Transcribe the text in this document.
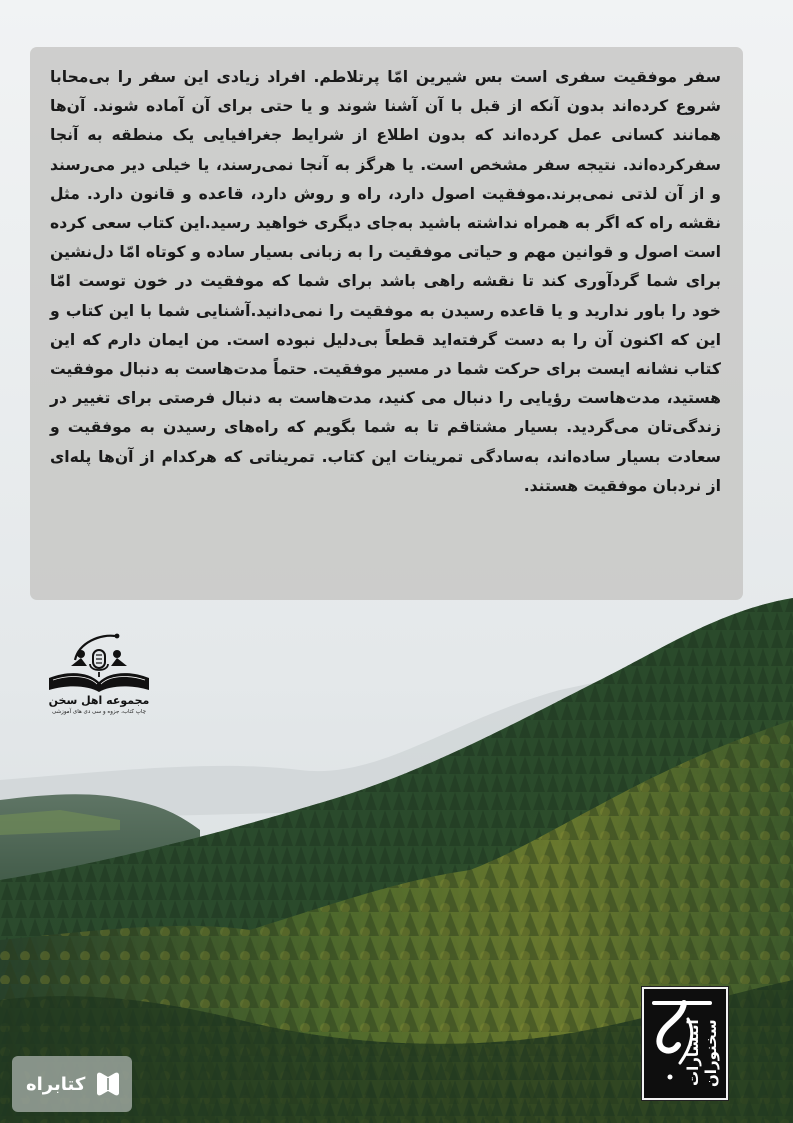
سفر موفقیت سفری است بس شیرین امّا پرتلاطم. افراد زیادی این سفر را بی‌محابا شروع کرده‌اند بدون آنکه از قبل با آن آشنا شوند و یا حتی برای آن آماده شوند. آن‌ها همانند کسانی عمل کرده‌اند که بدون اطلاع از شرایط جغرافیایی یک منطقه به آنجا سفرکرده‌اند. نتیجه سفر مشخص است. یا هرگز به آنجا نمی‌رسند، یا خیلی دیر می‌رسند و از آن لذتی نمی‌برند.موفقیت اصول دارد، راه و روش دارد، قاعده و قانون دارد. مثل نقشه راه که اگر به همراه نداشته باشید به‌جای دیگری خواهید رسید.این کتاب سعی کرده است اصول و قوانین مهم و حیاتی موفقیت را به زبانی بسیار ساده و کوتاه امّا دل‌نشین برای شما گردآوری کند تا نقشه راهی باشد برای شما که موفقیت در خون توست امّا خود را باور ندارید و یا قاعده رسیدن به موفقیت را نمی‌دانید.آشنایی شما با این کتاب و این که اکنون آن را به دست گرفته‌اید قطعاً بی‌دلیل نبوده است. من ایمان دارم که این کتاب نشانه ایست برای حرکت شما در مسیر موفقیت. حتماً مدت‌هاست به دنبال موفقیت هستید، مدت‌هاست رؤیایی را دنبال می کنید، مدت‌هاست به دنبال فرصتی برای تغییر در زندگی‌تان می‌گردید. بسیار مشتاقم تا به شما بگویم که راه‌های رسیدن به موفقیت و سعادت بسیار ساده‌اند، به‌سادگی تمرینات این کتاب. تمریناتی که هرکدام از آن‌ها پله‌ای از نردبان موفقیت هستند.

مجموعه اهل سخن
چاپ کتاب، جزوه و سی دی های آموزشی
انتشارات سخنوران
کتابراه
